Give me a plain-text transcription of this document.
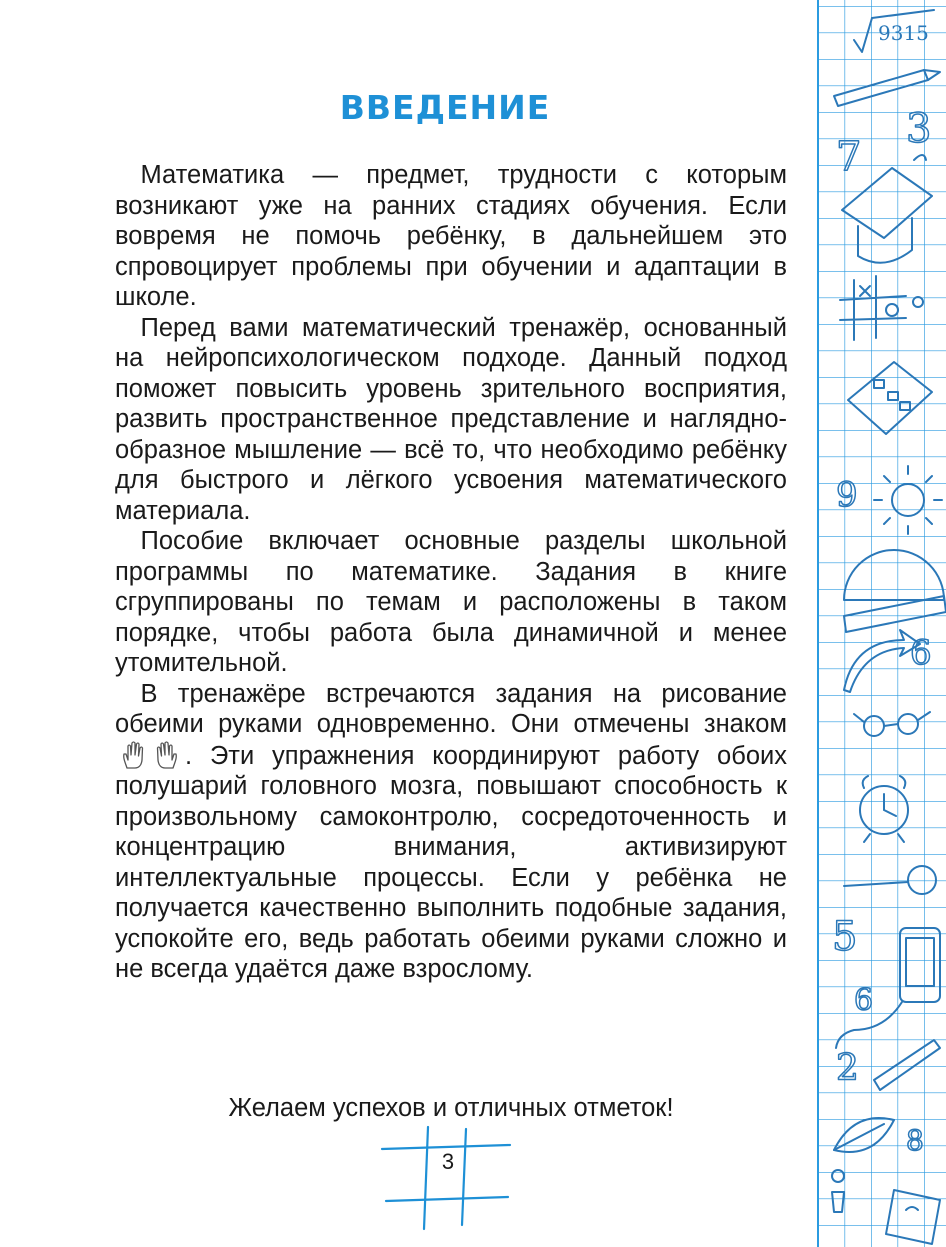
ВВЕДЕНИЕ

 Математика — предмет, трудности с которым возникают уже на ранних стадиях обучения. Если вовремя не помочь ребёнку, в дальнейшем это спровоцирует проблемы при обучении и адаптации в школе.

 Перед вами математический тренажёр, основанный на нейропсихологическом подходе. Данный подход поможет повысить уровень зрительного восприятия, развить пространственное представление и наглядно-образное мышление — всё то, что необходимо ребёнку для быстрого и лёгкого усвоения математического материала.

 Пособие включает основные разделы школьной программы по математике. Задания в книге сгруппированы по темам и расположены в таком порядке, чтобы работа была динамичной и менее утомительной.

 В тренажёре встречаются задания на рисование обеими руками одновременно. Они отмечены знаком . Эти упражнения координируют работу обоих полушарий головного мозга, повышают способность к произвольному самоконтролю, сосредоточенность и концентрацию внимания, активизируют интеллектуальные процессы. Если у ребёнка не получается качественно выполнить подобные задания, успокойте его, ведь работать обеими руками сложно и не всегда удаётся даже взрослому.

Желаем успехов и отличных отметок!
3
9315
3
7
9
6
5
6
2
8
